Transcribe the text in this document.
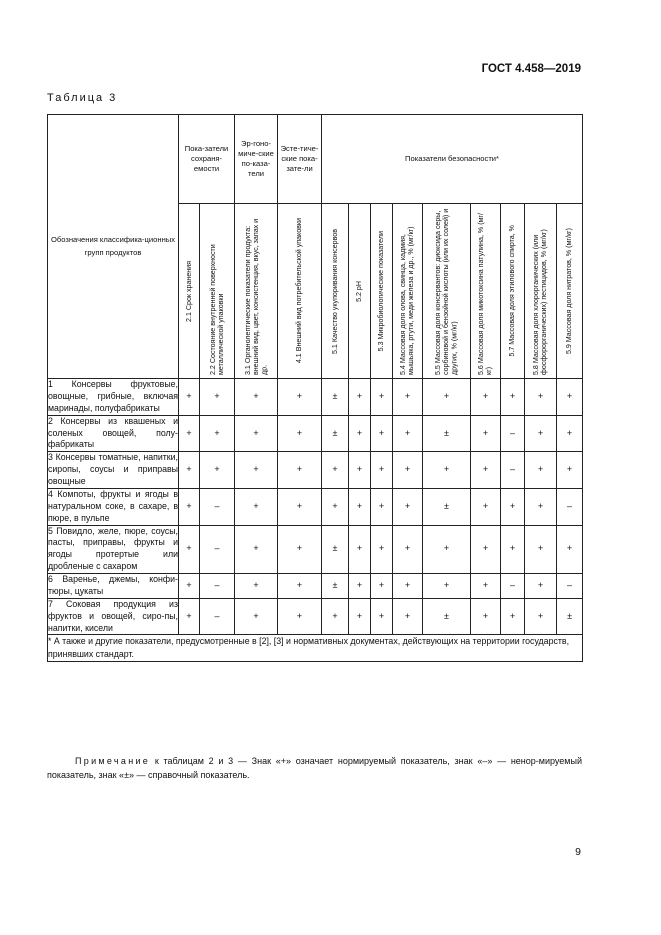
ГОСТ 4.458—2019
Таблица 3
Обозначения классифика-ционных групп продуктов	Пока-затели сохраня-емости		Эр-гоно-миче-ские по-каза-тели	Эсте-тиче-ские пока-зате-ли	Показатели безопасности*								

	2.1 Срок хранения	2.2 Состояние внутренней поверхности металлической упаковки	3.1 Органолептические показатели продукта: внешний вид, цвет, консистенция, вкус, запах и др.	4.1 Внешний вид потребительской упаковки	5.1 Качество укупоривания консервов	5.2 рН	5.3 Микробиологические показатели	5.4 Массовая доля олова, свинца, кадмия, мышьяка, ртути, меди железа и др., % (мг/кг)	5.5 Массовая доля консервантов: диоксида серы, сорбиновой и бензойной кислоты (или их солей) и других, % (мг/кг)	5.6 Массовая доля микотоксина патулина, % (мг/кг)	5.7 Массовая доля этилового спирта, %	5.8 Массовая доля хлорорганических (или фосфорорганических) пестицидов, % (мг/кг)	5.9 Массовая доля нитратов, % (мг/кг)

1 Консервы фруктовые, овощные, грибные, включая маринады, полуфабрикаты	+	+	+	+	±	+	+	+	+	+	+	+	+
2 Консервы из квашеных и соленых овощей, полу-фабрикаты	+	+	+	+	±	+	+	+	±	+	–	+	+
3 Консервы томатные, напитки, сиропы, соусы и приправы овощные	+	+	+	+	+	+	+	+	+	+	–	+	+
4 Компоты, фрукты и ягоды в натуральном соке, в сахаре, в пюре, в пульпе	+	–	+	+	+	+	+	+	±	+	+	+	–
5 Повидло, желе, пюре, соусы, пасты, приправы, фрукты и ягоды протертые или дробленые с сахаром	+	–	+	+	±	+	+	+	+	+	+	+	+
6 Варенье, джемы, конфи-тюры, цукаты	+	–	+	+	±	+	+	+	+	+	–	+	–
7 Соковая продукция из фруктов и овощей, сиро-пы, напитки, кисели	+	–	+	+	+	+	+	+	±	+	+	+	±
* А также и другие показатели, предусмотренные в [2], [3] и нормативных документах, действующих на территории государств, принявших стандарт.													
Примечание к таблицам 2 и 3 — Знак «+» означает нормируемый показатель, знак «–» — ненор-мируемый показатель, знак «±» — справочный показатель.
9
